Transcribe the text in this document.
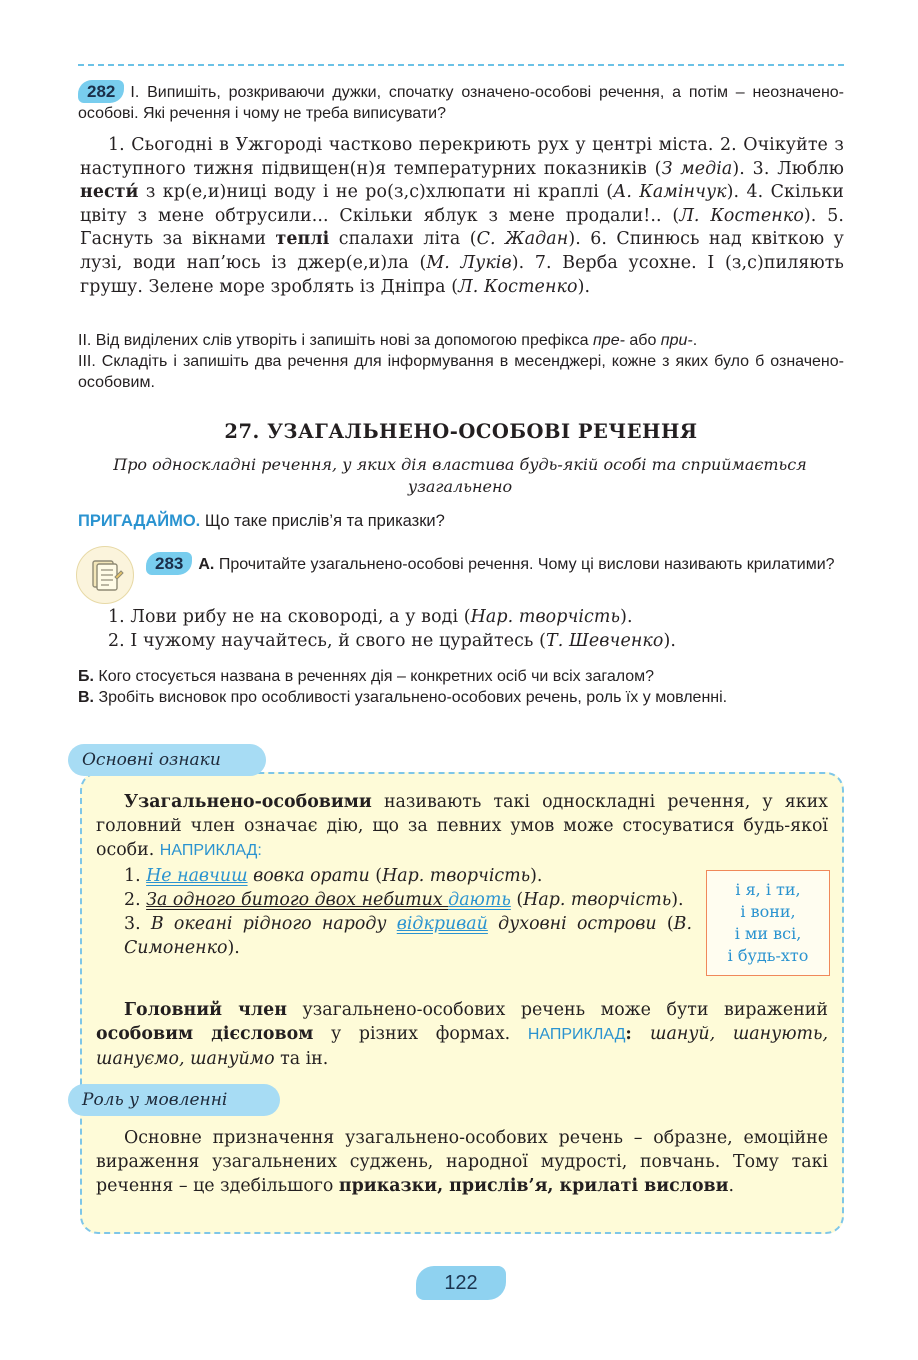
282 I. Випишіть, розкриваючи дужки, спочатку означено-особові речення, а потім – неозначено-особові. Які речення і чому не треба виписувати?
1. Сьогодні в Ужгороді частково перекриють рух у центрі міста. 2. Очікуйте з наступного тижня підвищен(н)я температурних показників (З медіа). 3. Люблю нести́ з кр(е,и)ниці воду і не ро(з,с)хлюпати ні краплі (А. Камінчук). 4. Скільки цвіту з мене обтрусили... Скільки яблук з мене продали!.. (Л. Костенко). 5. Гаснуть за вікнами теплі спалахи літа (С. Жадан). 6. Спинюсь над квіткою у лузі, води нап’юсь із джер(е,и)ла (М. Луків). 7. Верба усохне. І (з,с)пиляють грушу. Зелене море зроблять із Дніпра (Л. Костенко).
II. Від виділених слів утворіть і запишіть нові за допомогою префікса пре- або при-.
III. Складіть і запишіть два речення для інформування в месенджері, кожне з яких було б означено-особовим.
27. УЗАГАЛЬНЕНО-ОСОБОВІ РЕЧЕННЯ
Про односкладні речення, у яких дія властива будь-якій особі та сприймається узагальнено
ПРИГАДАЙМО. Що таке прислів’я та приказки?
283 А. Прочитайте узагальнено-особові речення. Чому ці вислови називають крилатими?
1. Лови рибу не на сковороді, а у воді (Нар. творчість).
2. І чужому научайтесь, й свого не цурайтесь (Т. Шевченко).
Б. Кого стосується названа в реченнях дія – конкретних осіб чи всіх загалом?
В. Зробіть висновок про особливості узагальнено-особових речень, роль їх у мовленні.
Основні ознаки
Узагальнено-особовими називають такі односкладні речення, у яких головний член означає дію, що за певних умов може стосуватися будь-якої особи. НАПРИКЛАД:
1. Не навчиш вовка орати (Нар. творчість).
2. За одного битого двох небитих дають (Нар. творчість).
3. В океані рідного народу відкривай духовні острови (В. Симоненко).
і я, і ти,
і вони,
і ми всі,
і будь-хто
Головний член узагальнено-особових речень може бути виражений особовим дієсловом у різних формах. НАПРИКЛАД: шануй, шанують, шануємо, шануймо та ін.
Роль у мовленні
Основне призначення узагальнено-особових речень – образне, емоційне вираження узагальнених суджень, народної мудрості, повчань. Тому такі речення – це здебільшого приказки, прислів’я, крилаті вислови.
122
